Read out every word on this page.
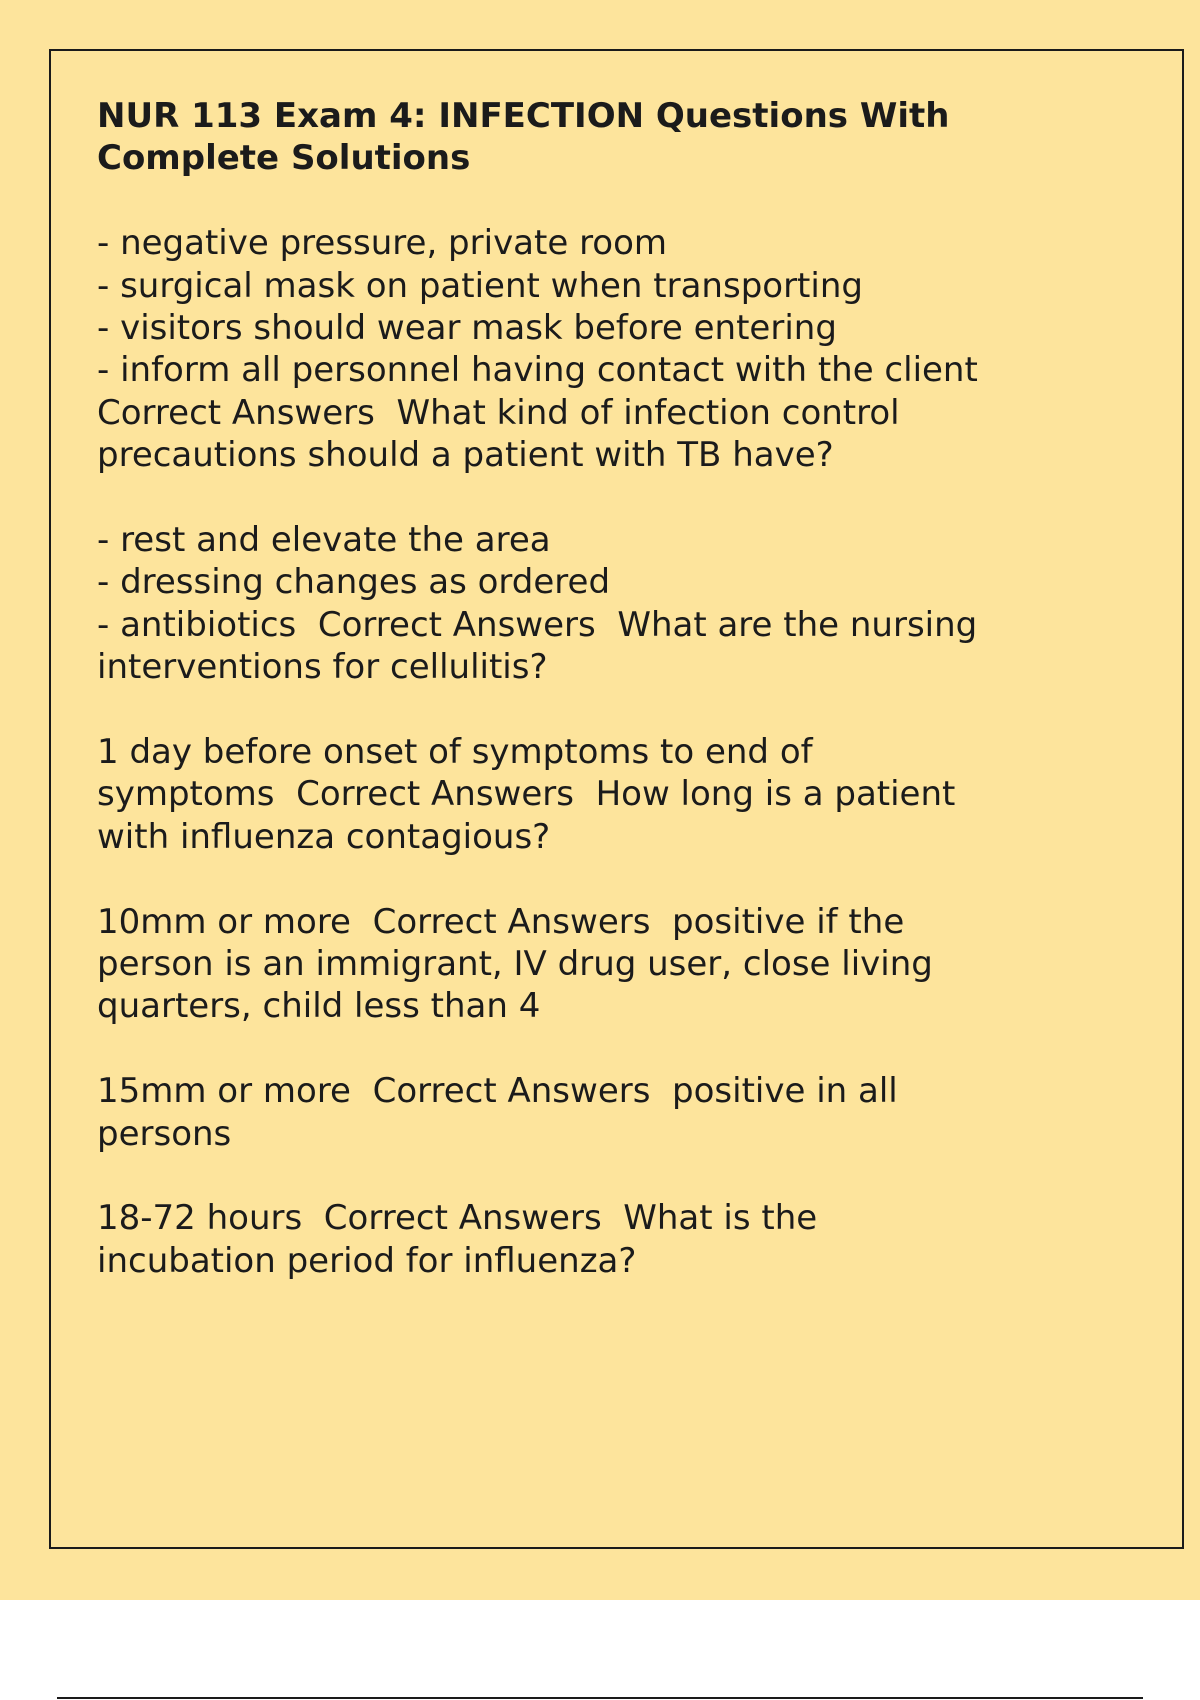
NUR 113 Exam 4: INFECTION Questions With
Complete Solutions
- negative pressure, private room
- surgical mask on patient when transporting
- visitors should wear mask before entering
- inform all personnel having contact with the client
Correct Answers  What kind of infection control
precautions should a patient with TB have?
- rest and elevate the area
- dressing changes as ordered
- antibiotics  Correct Answers  What are the nursing
interventions for cellulitis?
1 day before onset of symptoms to end of
symptoms  Correct Answers  How long is a patient
with influenza contagious?
10mm or more  Correct Answers  positive if the
person is an immigrant, IV drug user, close living
quarters, child less than 4
15mm or more  Correct Answers  positive in all
persons
18-72 hours  Correct Answers  What is the
incubation period for influenza?
